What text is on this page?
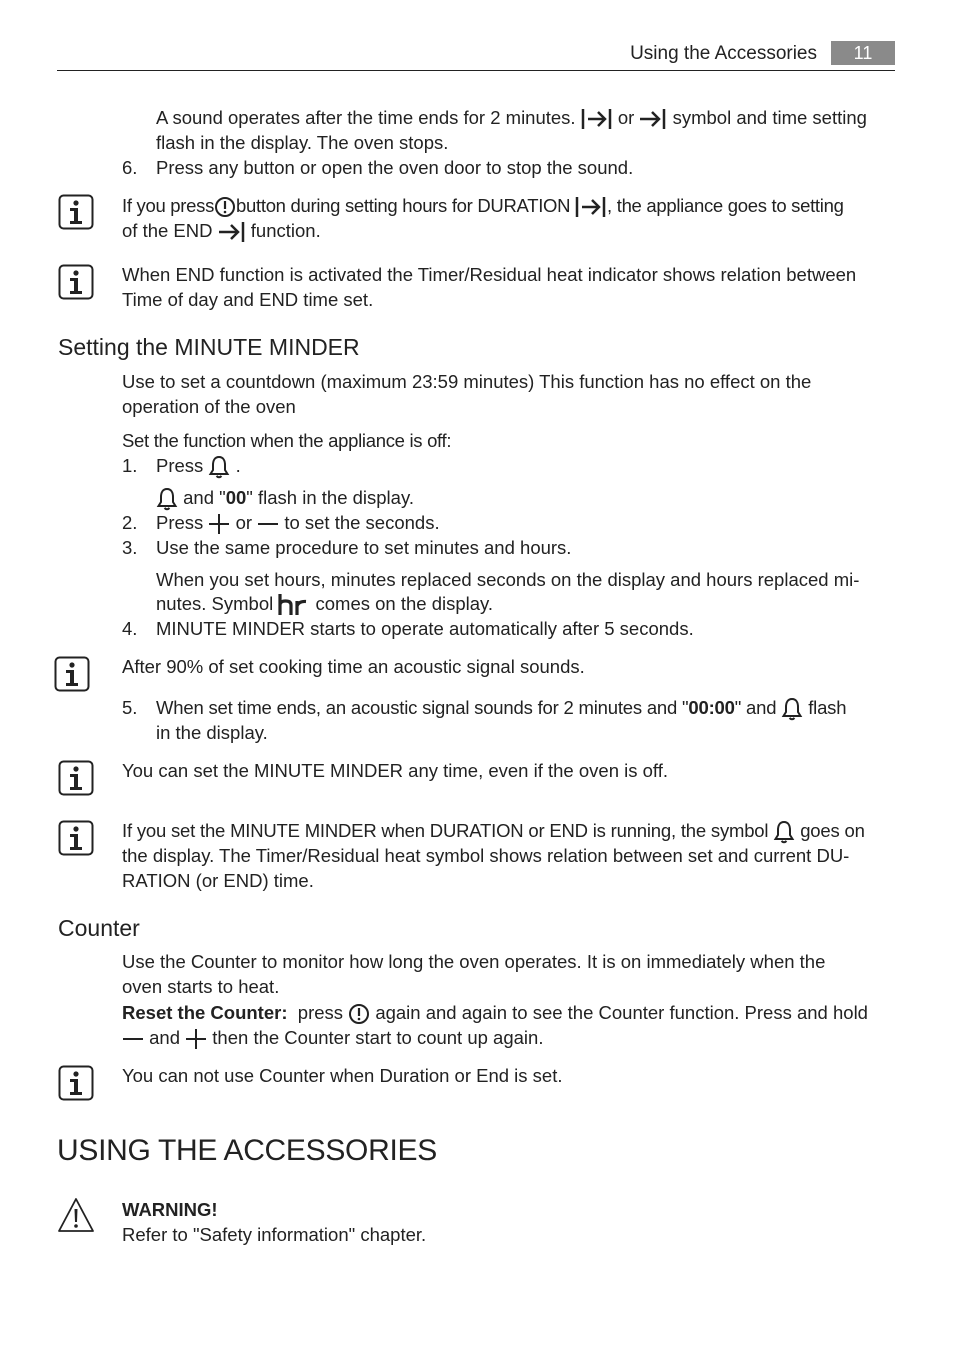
Using the Accessories	11
A sound operates after the time ends for 2 minutes. or symbol and time setting
flash in the display. The oven stops.
6.	Press any button or open the oven door to stop the sound.
If you press button during setting hours for DURATION , the appliance goes to setting
of the END function.
When END function is activated the Timer/Residual heat indicator shows relation between
Time of day and END time set.
Setting the MINUTE MINDER
Use to set a countdown (maximum 23:59 minutes) This function has no effect on the
operation of the oven
Set the function when the appliance is off:
1.	Press .
and "00" flash in the display.
2.	Press or to set the seconds.
3.	Use the same procedure to set minutes and hours.
When you set hours, minutes replaced seconds on the display and hours replaced mi-
nutes. Symbol comes on the display.
4.	MINUTE MINDER starts to operate automatically after 5 seconds.
After 90% of set cooking time an acoustic signal sounds.
5.	When set time ends, an acoustic signal sounds for 2 minutes and "00:00" and flash
in the display.
You can set the MINUTE MINDER any time, even if the oven is off.
If you set the MINUTE MINDER when DURATION or END is running, the symbol goes on
the display. The Timer/Residual heat symbol shows relation between set and current DU-
RATION (or END) time.
Counter
Use the Counter to monitor how long the oven operates. It is on immediately when the
oven starts to heat.
Reset the Counter: press again and again to see the Counter function. Press and hold
and then the Counter start to count up again.
You can not use Counter when Duration or End is set.
USING THE ACCESSORIES
WARNING!
Refer to "Safety information" chapter.
